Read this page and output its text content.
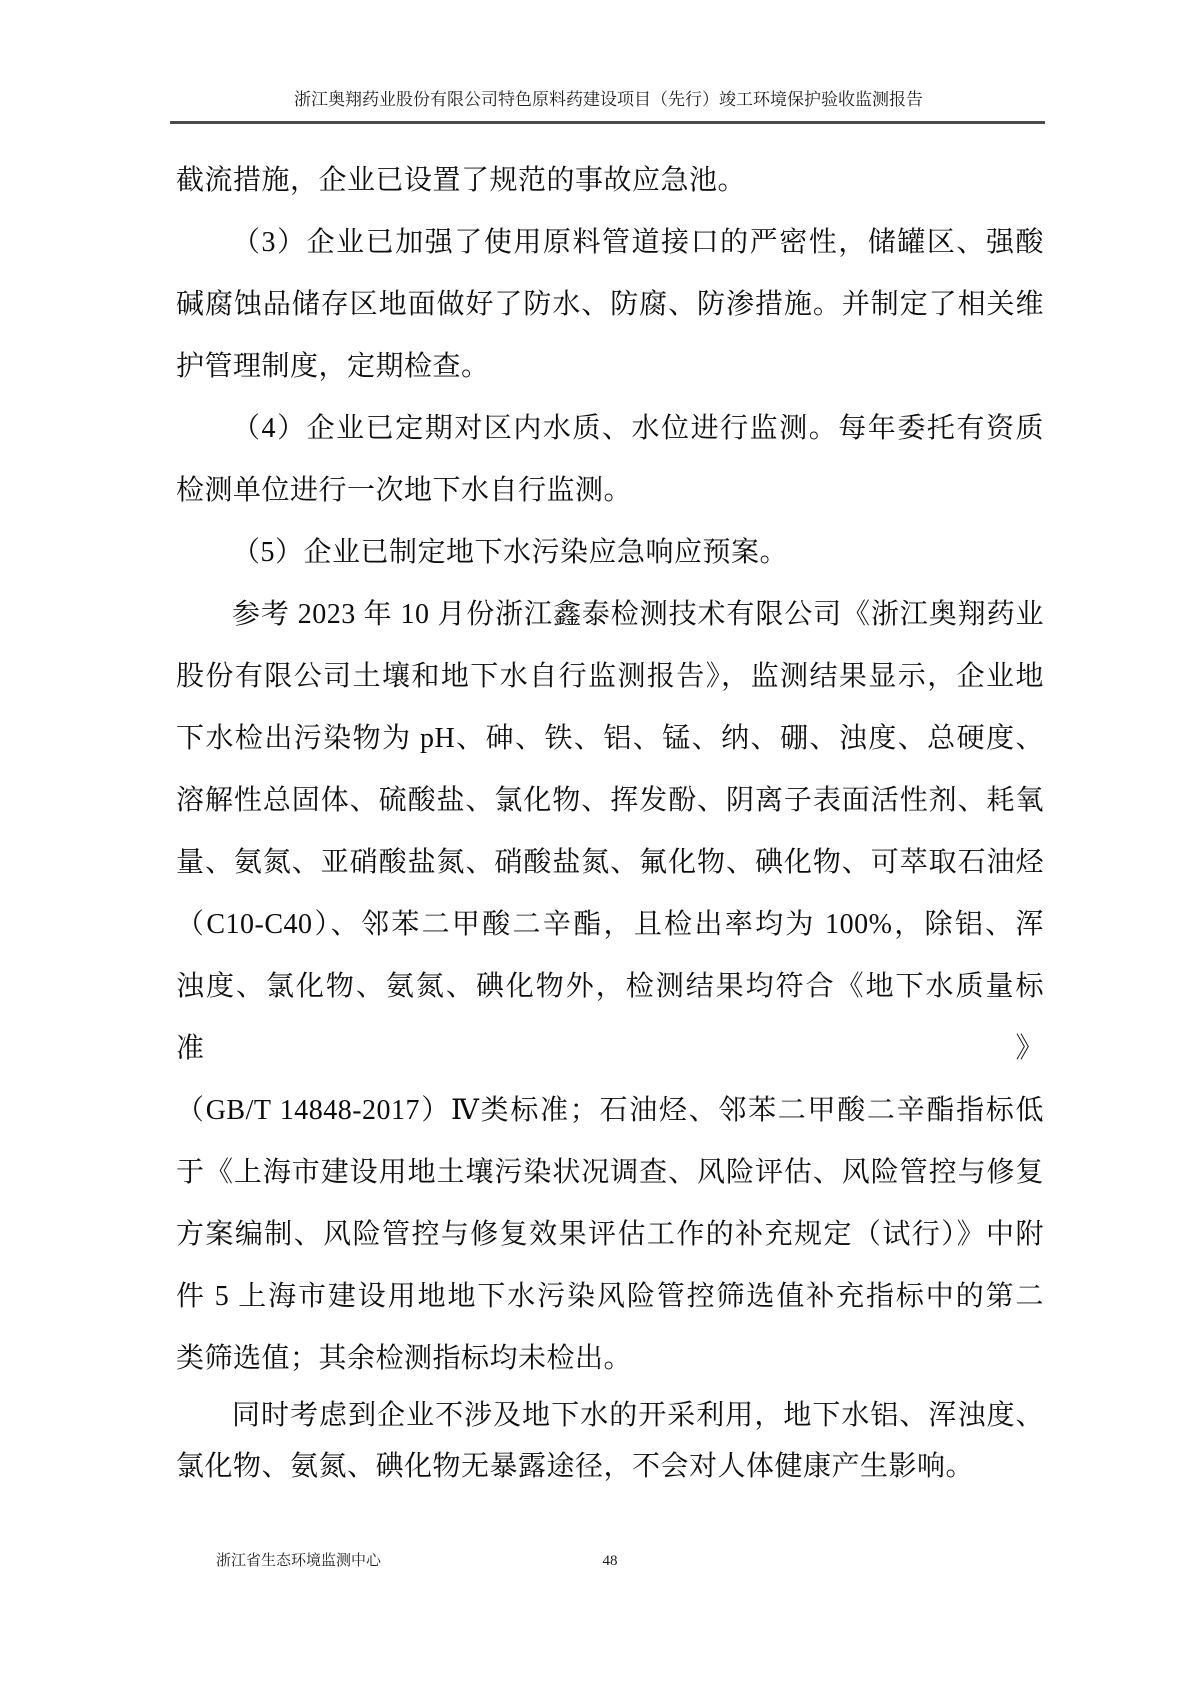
浙江奥翔药业股份有限公司特色原料药建设项目（先行）竣工环境保护验收监测报告
截流措施，企业已设置了规范的事故应急池。
（3）企业已加强了使用原料管道接口的严密性，储罐区、强酸
碱腐蚀品储存区地面做好了防水、防腐、防渗措施。并制定了相关维
护管理制度，定期检查。
（4）企业已定期对区内水质、水位进行监测。每年委托有资质
检测单位进行一次地下水自行监测。
（5）企业已制定地下水污染应急响应预案。
参考 2023 年 10 月份浙江鑫泰检测技术有限公司《浙江奥翔药业
股份有限公司土壤和地下水自行监测报告》，监测结果显示，企业地
下水检出污染物为 pH、砷、铁、铝、锰、纳、硼、浊度、总硬度、
溶解性总固体、硫酸盐、氯化物、挥发酚、阴离子表面活性剂、耗氧
量、氨氮、亚硝酸盐氮、硝酸盐氮、氟化物、碘化物、可萃取石油烃
（C10-C40）、邻苯二甲酸二辛酯，且检出率均为 100%，除铝、浑
浊度、氯化物、氨氮、碘化物外，检测结果均符合《地下水质量标准》
（GB/T 14848-2017）Ⅳ类标准；石油烃、邻苯二甲酸二辛酯指标低
于《上海市建设用地土壤污染状况调查、风险评估、风险管控与修复
方案编制、风险管控与修复效果评估工作的补充规定（试行）》中附
件 5 上海市建设用地地下水污染风险管控筛选值补充指标中的第二
类筛选值；其余检测指标均未检出。
同时考虑到企业不涉及地下水的开采利用，地下水铝、浑浊度、
氯化物、氨氮、碘化物无暴露途径，不会对人体健康产生影响。
浙江省生态环境监测中心	48
